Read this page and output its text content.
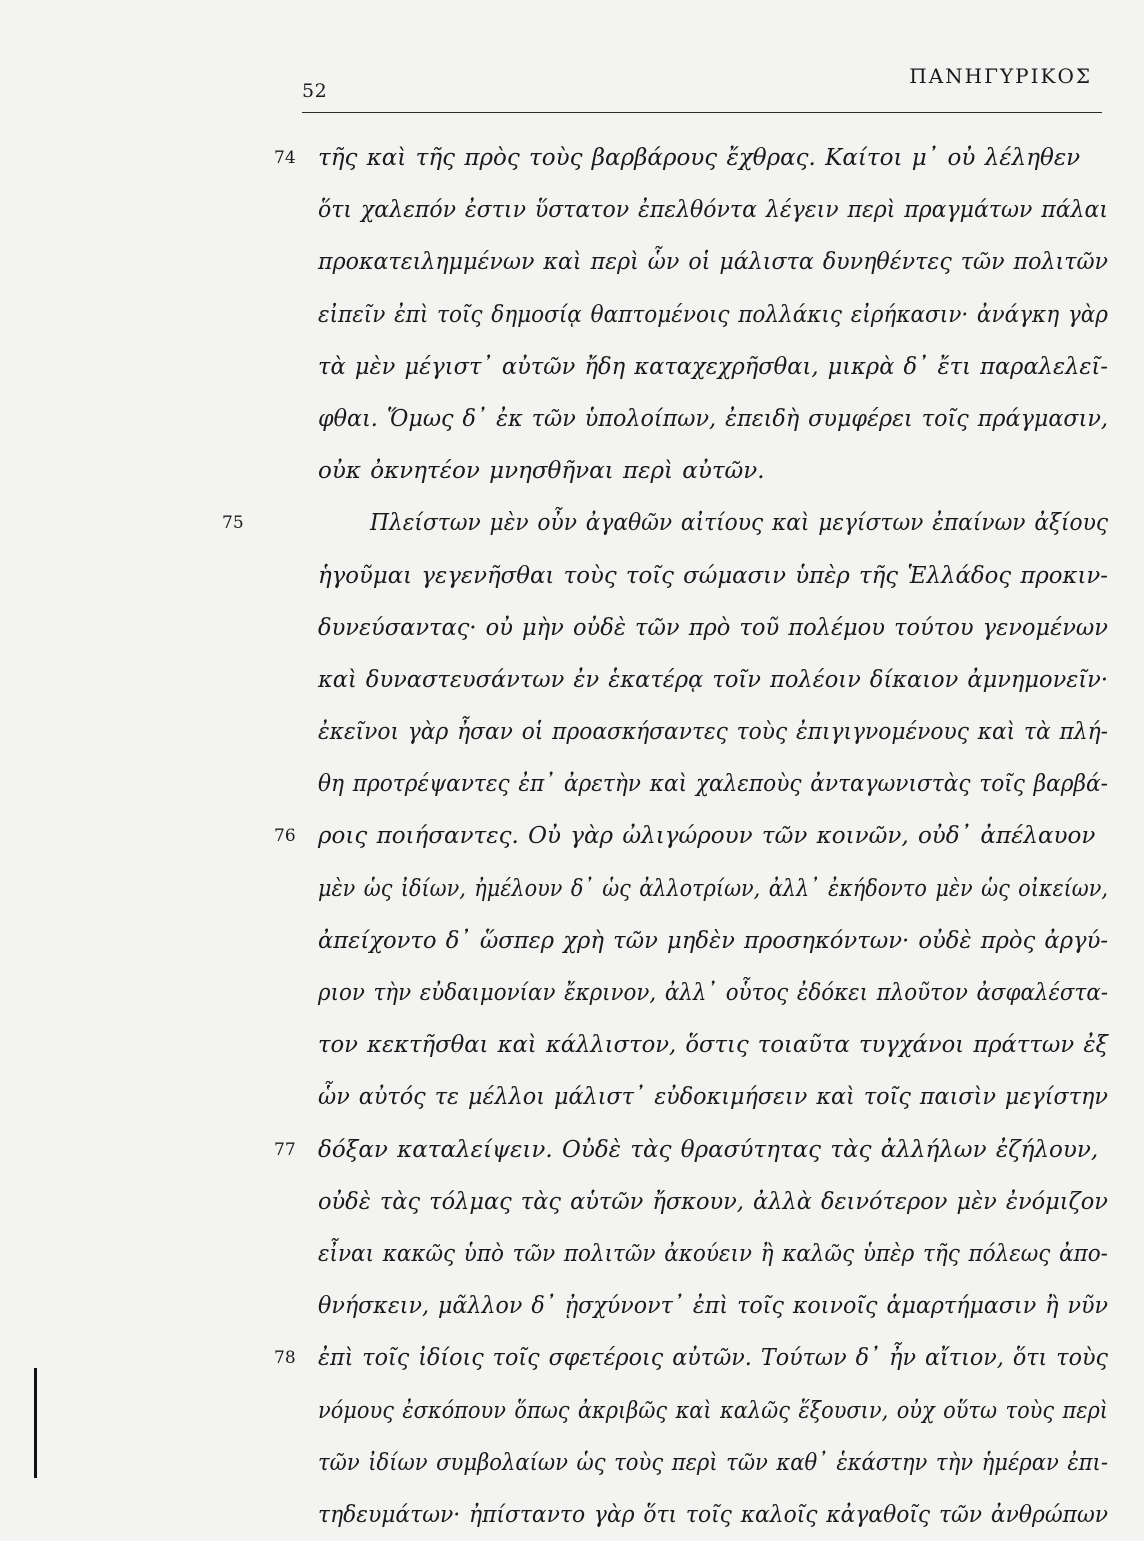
52
ΠΑΝΗΓΥΡΙΚΟΣ
74 τῆς καὶ τῆς πρὸς τοὺς βαρβάρους ἔχθρας. Καίτοι μ᾽ οὐ λέληθεν
ὅτι χαλεπόν ἐστιν ὕστατον ἐπελθόντα λέγειν περὶ πραγμάτων πάλαι
προκατειλημμένων καὶ περὶ ὧν οἱ μάλιστα δυνηθέντες τῶν πολιτῶν
εἰπεῖν ἐπὶ τοῖς δημοσίᾳ θαπτομένοις πολλάκις εἰρήκασιν· ἀνάγκη γὰρ
τὰ μὲν μέγιστ᾽ αὐτῶν ἤδη καταχεχρῆσθαι, μικρὰ δ᾽ ἔτι παραλελεῖ-
φθαι. Ὅμως δ᾽ ἐκ τῶν ὑπολοίπων, ἐπειδὴ συμφέρει τοῖς πράγμασιν,
οὐκ ὀκνητέον μνησθῆναι περὶ αὐτῶν.
75	Πλείστων μὲν οὖν ἀγαθῶν αἰτίους καὶ μεγίστων ἐπαίνων ἀξίους
ἡγοῦμαι γεγενῆσθαι τοὺς τοῖς σώμασιν ὑπὲρ τῆς Ἑλλάδος προκιν-
δυνεύσαντας· οὐ μὴν οὐδὲ τῶν πρὸ τοῦ πολέμου τούτου γενομένων
καὶ δυναστευσάντων ἐν ἑκατέρᾳ τοῖν πολέοιν δίκαιον ἀμνημονεῖν·
ἐκεῖνοι γὰρ ἦσαν οἱ προασκήσαντες τοὺς ἐπιγιγνομένους καὶ τὰ πλή-
θη προτρέψαντες ἐπ᾽ ἀρετὴν καὶ χαλεποὺς ἀνταγωνιστὰς τοῖς βαρβά-
76 ροις ποιήσαντες. Οὐ γὰρ ὠλιγώρουν τῶν κοινῶν, οὐδ᾽ ἀπέλαυον
μὲν ὡς ἰδίων, ἠμέλουν δ᾽ ὡς ἀλλοτρίων, ἀλλ᾽ ἐκήδοντο μὲν ὡς οἰκείων,
ἀπείχοντο δ᾽ ὥσπερ χρὴ τῶν μηδὲν προσηκόντων· οὐδὲ πρὸς ἀργύ-
ριον τὴν εὐδαιμονίαν ἔκρινον, ἀλλ᾽ οὗτος ἐδόκει πλοῦτον ἀσφαλέστα-
τον κεκτῆσθαι καὶ κάλλιστον, ὅστις τοιαῦτα τυγχάνοι πράττων ἐξ
ὧν αὐτός τε μέλλοι μάλιστ᾽ εὐδοκιμήσειν καὶ τοῖς παισὶν μεγίστην
77 δόξαν καταλείψειν. Οὐδὲ τὰς θρασύτητας τὰς ἀλλήλων ἐζήλουν,
οὐδὲ τὰς τόλμας τὰς αὑτῶν ἤσκουν, ἀλλὰ δεινότερον μὲν ἐνόμιζον
εἶναι κακῶς ὑπὸ τῶν πολιτῶν ἀκούειν ἢ καλῶς ὑπὲρ τῆς πόλεως ἀπο-
θνήσκειν, μᾶλλον δ᾽ ᾐσχύνοντ᾽ ἐπὶ τοῖς κοινοῖς ἁμαρτήμασιν ἢ νῦν
78 ἐπὶ τοῖς ἰδίοις τοῖς σφετέροις αὐτῶν. Τούτων δ᾽ ἦν αἴτιον, ὅτι τοὺς
νόμους ἐσκόπουν ὅπως ἀκριβῶς καὶ καλῶς ἕξουσιν, οὐχ οὕτω τοὺς περὶ
τῶν ἰδίων συμβολαίων ὡς τοὺς περὶ τῶν καθ᾽ ἑκάστην τὴν ἡμέραν ἐπι-
τηδευμάτων· ἠπίσταντο γὰρ ὅτι τοῖς καλοῖς κἀγαθοῖς τῶν ἀνθρώπων
